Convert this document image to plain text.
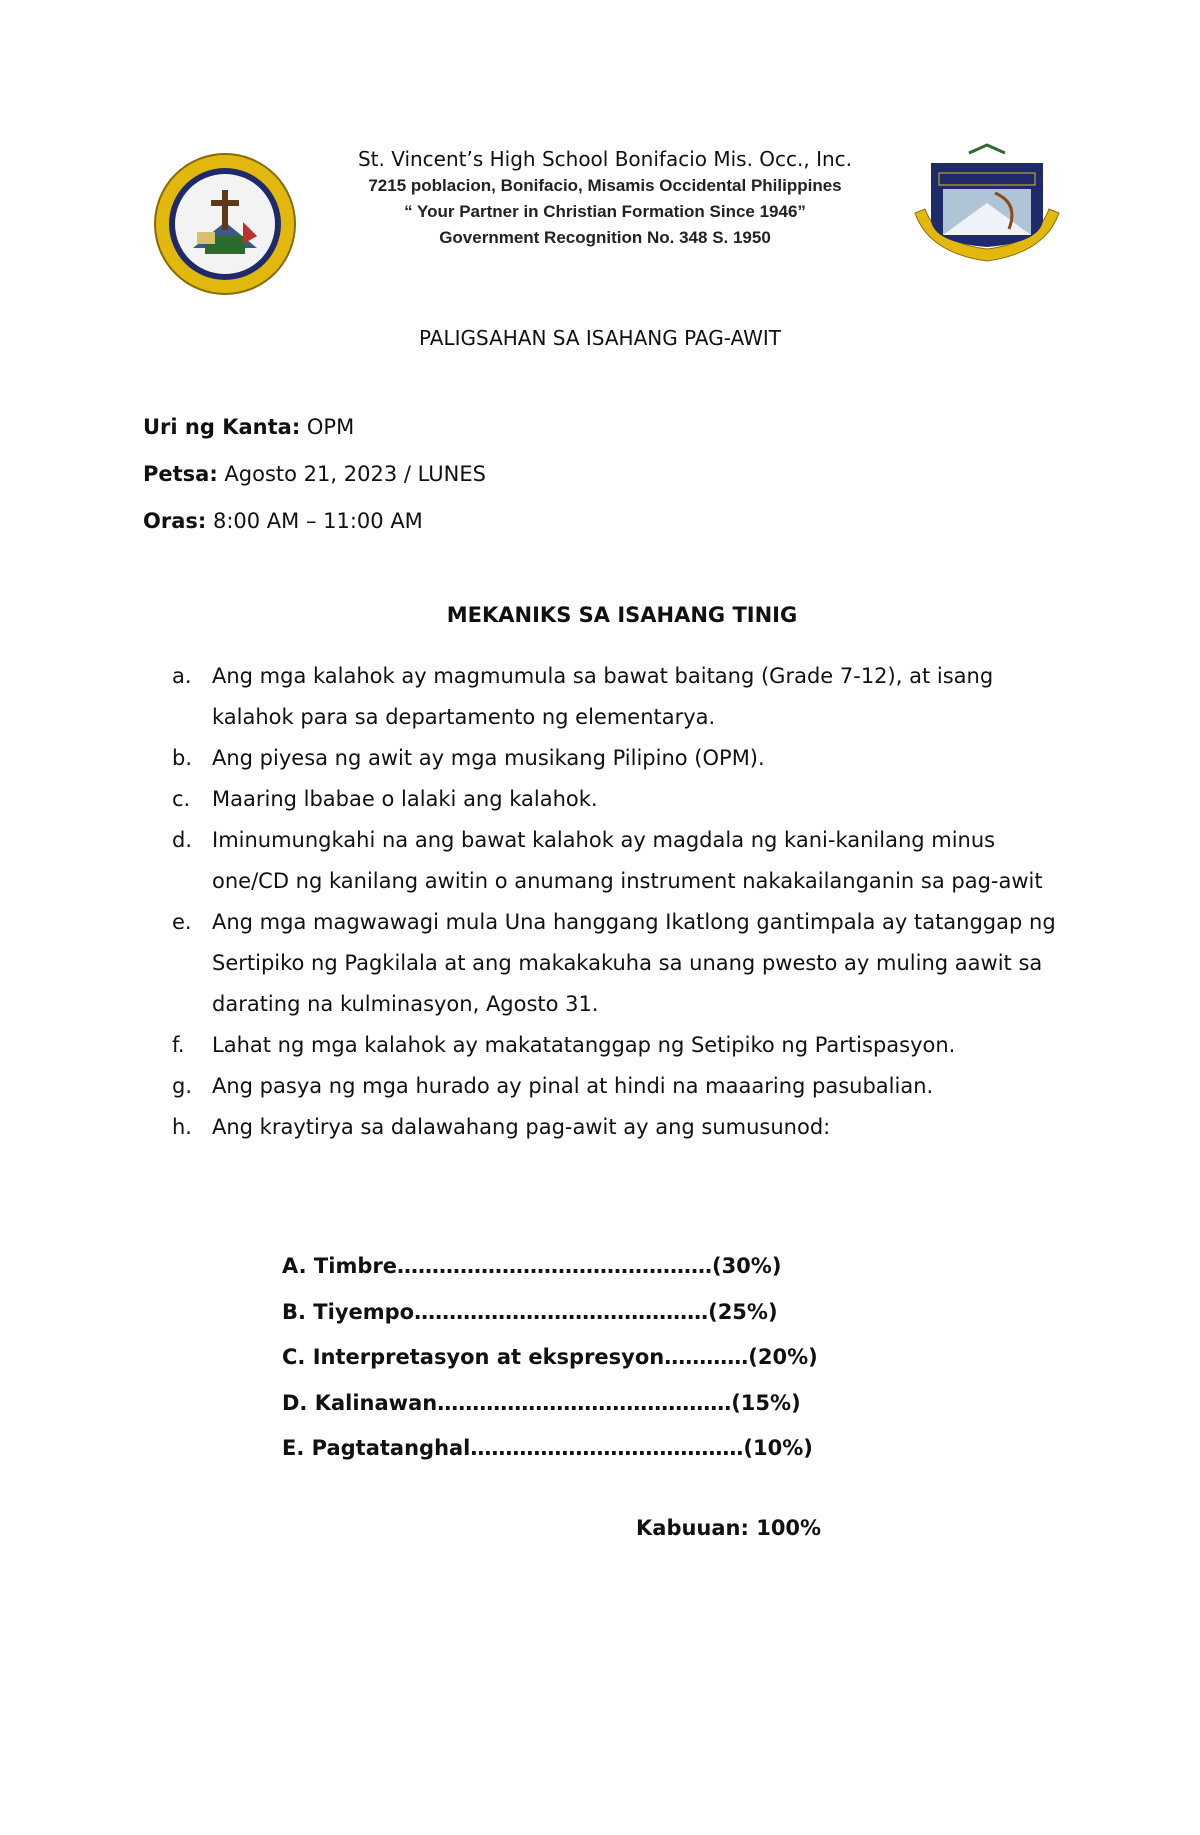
St. Vincent’s High School Bonifacio Mis. Occ., Inc.
7215 poblacion, Bonifacio, Misamis Occidental Philippines
“ Your Partner in Christian Formation Since 1946”
Government Recognition No. 348 S. 1950
PALIGSAHAN SA ISAHANG PAG-AWIT
Uri ng Kanta: OPM
Petsa: Agosto 21, 2023 / LUNES
Oras: 8:00 AM – 11:00 AM
MEKANIKS SA ISAHANG TINIG
a. Ang mga kalahok ay magmumula sa bawat baitang (Grade 7-12), at isang kalahok para sa departamento ng elementarya.
b. Ang piyesa ng awit ay mga musikang Pilipino (OPM).
c.	Maaring lbabae o lalaki ang kalahok.
d. Iminumungkahi na ang bawat kalahok ay magdala ng kani-kanilang minus one/CD ng kanilang awitin o anumang instrument nakakailanganin sa pag-awit
e. Ang mga magwawagi mula Una hanggang Ikatlong gantimpala ay tatanggap ng Sertipiko ng Pagkilala at ang makakakuha sa unang pwesto ay muling aawit sa darating na kulminasyon, Agosto 31.
f.	Lahat ng mga kalahok ay makatatanggap ng Setipiko ng Partispasyon.
g. Ang pasya ng mga hurado ay pinal at hindi na maaaring pasubalian.
h. Ang kraytirya sa dalawahang pag-awit ay ang sumusunod:
A. Timbre………………………………………(30%)
B. Tiyempo……………………………………(25%)
C. Interpretasyon at ekspresyon…………(20%)
D. Kalinawan……………………………………(15%)
E. Pagtatanghal…………………………………(10%)
Kabuuan: 100%
